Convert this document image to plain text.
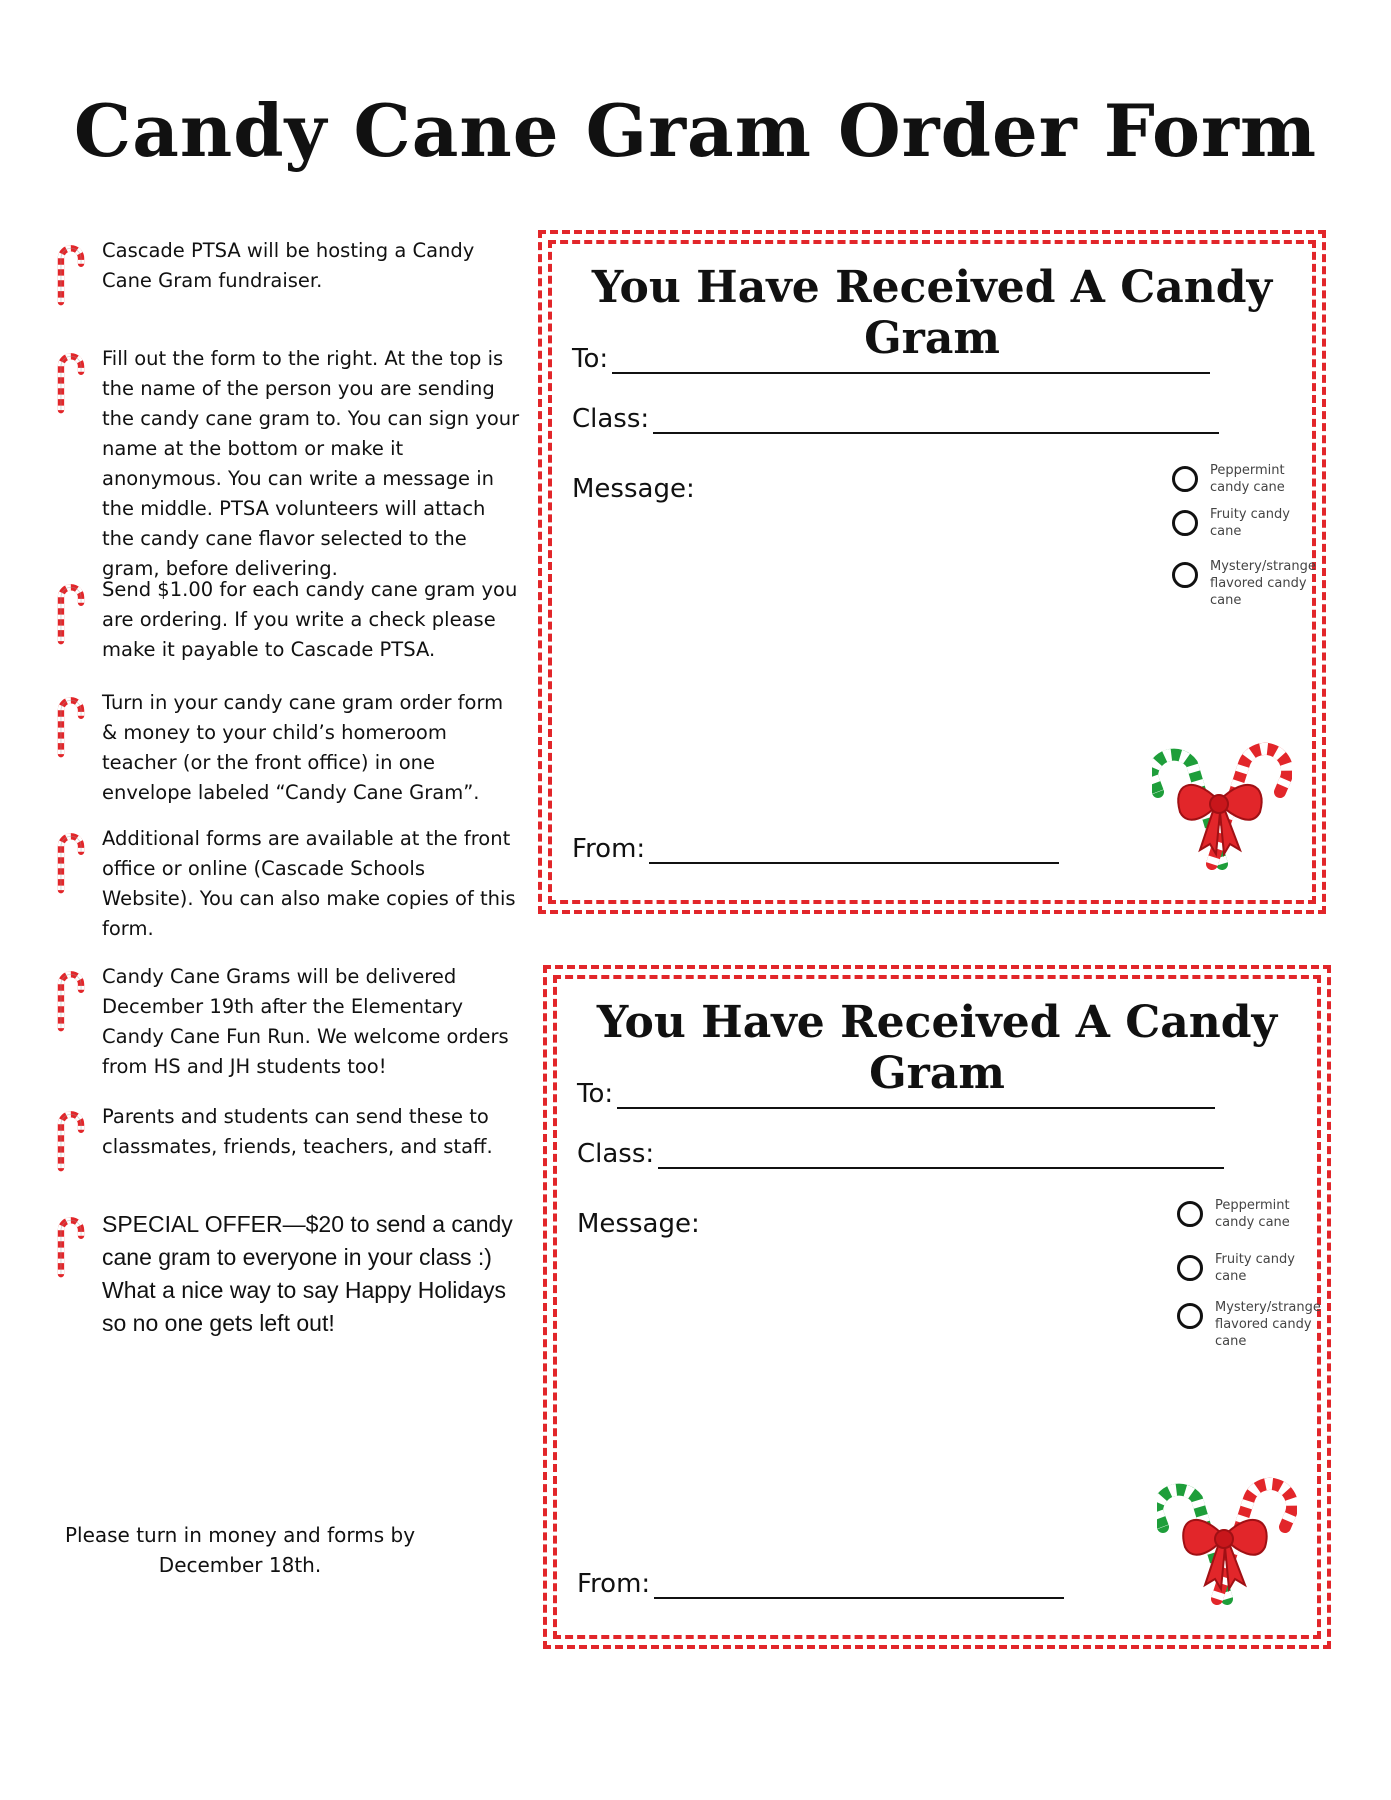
Candy Cane Gram Order Form
Cascade PTSA will be hosting a Candy Cane Gram fundraiser.
Fill out the form to the right. At the top is the name of the person you are sending the candy cane gram to. You can sign your name at the bottom or make it anonymous. You can write a message in the middle. PTSA volunteers will attach the candy cane flavor selected to the gram, before delivering.
Send $1.00 for each candy cane gram you are ordering. If you write a check please make it payable to Cascade PTSA.
Turn in your candy cane gram order form & money to your child’s homeroom teacher (or the front office) in one envelope labeled “Candy Cane Gram”.
Additional forms are available at the front office or online (Cascade Schools Website). You can also make copies of this form.
Candy Cane Grams will be delivered December 19th after the Elementary Candy Cane Fun Run. We welcome orders from HS and JH students too!
Parents and students can send these to classmates, friends, teachers, and staff.
SPECIAL OFFER—$20 to send a candy cane gram to everyone in your class :) What a nice way to say Happy Holidays so no one gets left out!
Please turn in money and forms by December 18th.
You Have Received A Candy Gram
To:
Class:
Message:
Peppermint candy cane
Fruity candy cane
Mystery/strange flavored candy cane
From:
You Have Received A Candy Gram
To:
Class:
Message:
Peppermint candy cane
Fruity candy cane
Mystery/strange flavored candy cane
From:
